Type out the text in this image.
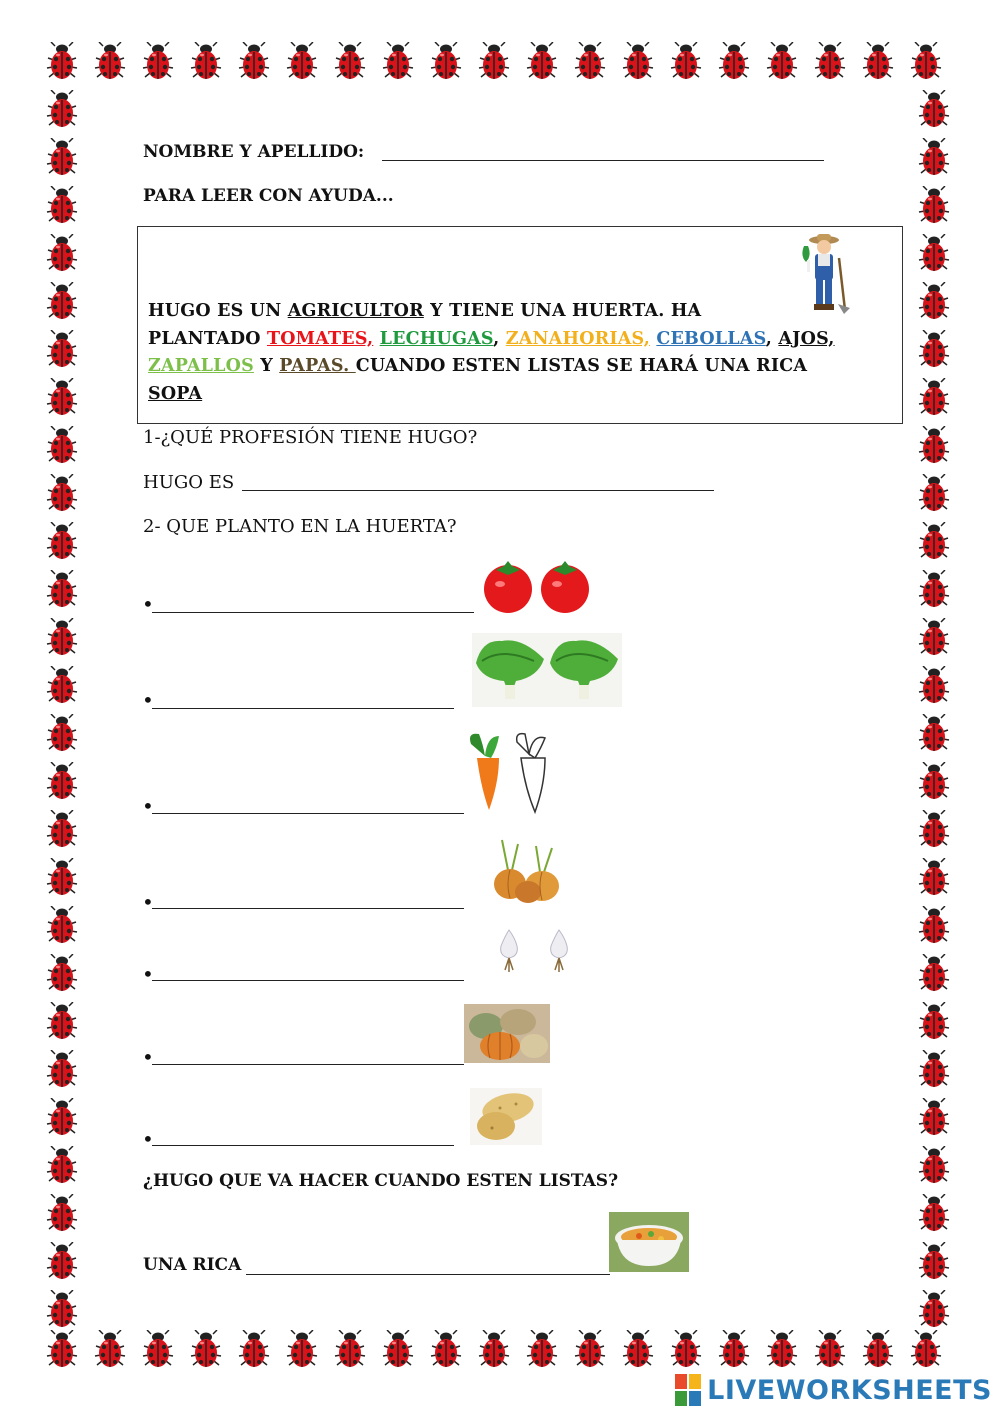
NOMBRE Y APELLIDO:
PARA LEER CON AYUDA...
HUGO ES UN AGRICULTOR Y TIENE UNA HUERTA. HA
PLANTADO TOMATES, LECHUGAS, ZANAHORIAS, CEBOLLAS, AJOS,
ZAPALLOS Y PAPAS. CUANDO ESTEN LISTAS SE HARÁ UNA RICA
SOPA
1-¿QUÉ PROFESIÓN TIENE HUGO?
HUGO ES
2- QUE PLANTO EN LA HUERTA?
•
•
•
•
•
•
•
¿HUGO QUE VA HACER CUANDO ESTEN LISTAS?
UNA RICA
LIVEWORKSHEETS
